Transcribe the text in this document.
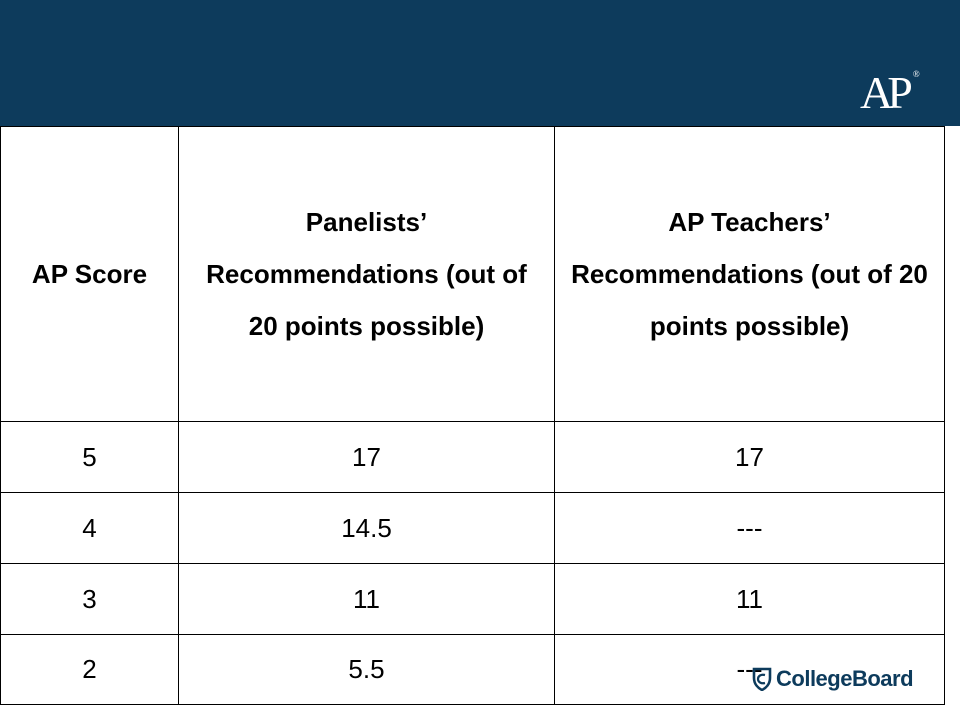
AP ®
AP Score	Panelists’ Recommendations (out of 20 points possible)	AP Teachers’ Recommendations (out of 20 points possible)
5	17	17
4	14.5	---
3	11	11
2	5.5	--- CollegeBoard
